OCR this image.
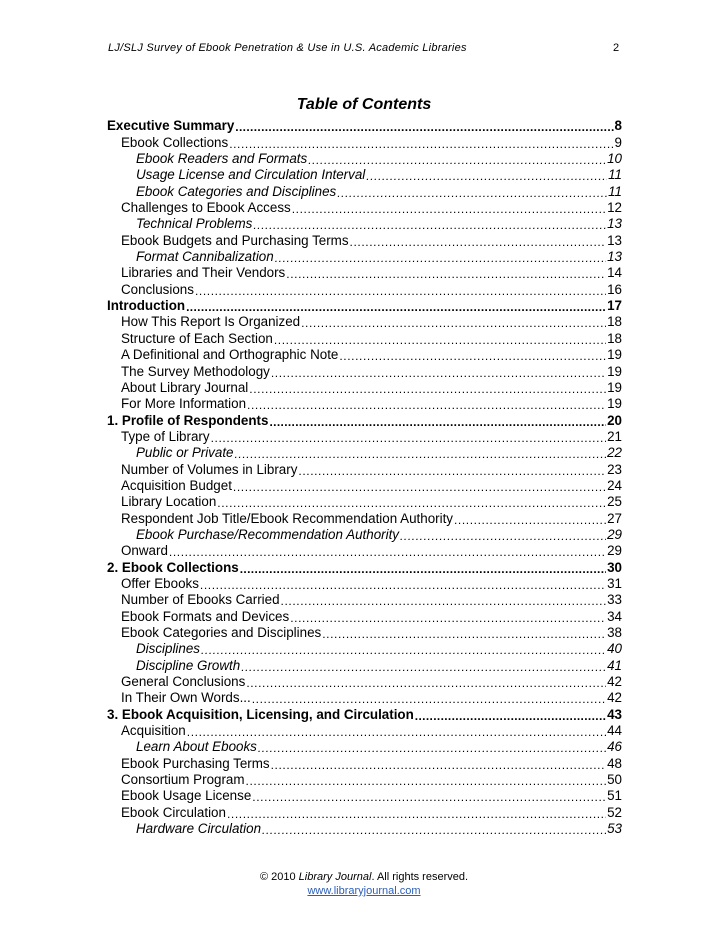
LJ/SLJ Survey of Ebook Penetration & Use in U.S. Academic Libraries	2
Table of Contents
Executive Summary .....	8
Ebook Collections .....	9
Ebook Readers and Formats .....	10
Usage License and Circulation Interval .....	11
Ebook Categories and Disciplines .....	11
Challenges to Ebook Access .....	12
Technical Problems .....	13
Ebook Budgets and Purchasing Terms .....	13
Format Cannibalization .....	13
Libraries and Their Vendors .....	14
Conclusions .....	16
Introduction .....	17
How This Report Is Organized .....	18
Structure of Each Section .....	18
A Definitional and Orthographic Note .....	19
The Survey Methodology .....	19
About Library Journal .....	19
For More Information .....	19
1. Profile of Respondents .....	20
Type of Library .....	21
Public or Private .....	22
Number of Volumes in Library .....	23
Acquisition Budget .....	24
Library Location .....	25
Respondent Job Title/Ebook Recommendation Authority .....	27
Ebook Purchase/Recommendation Authority .....	29
Onward .....	29
2. Ebook Collections .....	30
Offer Ebooks .....	31
Number of Ebooks Carried .....	33
Ebook Formats and Devices .....	34
Ebook Categories and Disciplines .....	38
Disciplines .....	40
Discipline Growth .....	41
General Conclusions .....	42
In Their Own Words... .....	42
3. Ebook Acquisition, Licensing, and Circulation .....	43
Acquisition .....	44
Learn About Ebooks .....	46
Ebook Purchasing Terms .....	48
Consortium Program .....	50
Ebook Usage License .....	51
Ebook Circulation .....	52
Hardware Circulation .....	53
© 2010 Library Journal. All rights reserved.
www.libraryjournal.com
